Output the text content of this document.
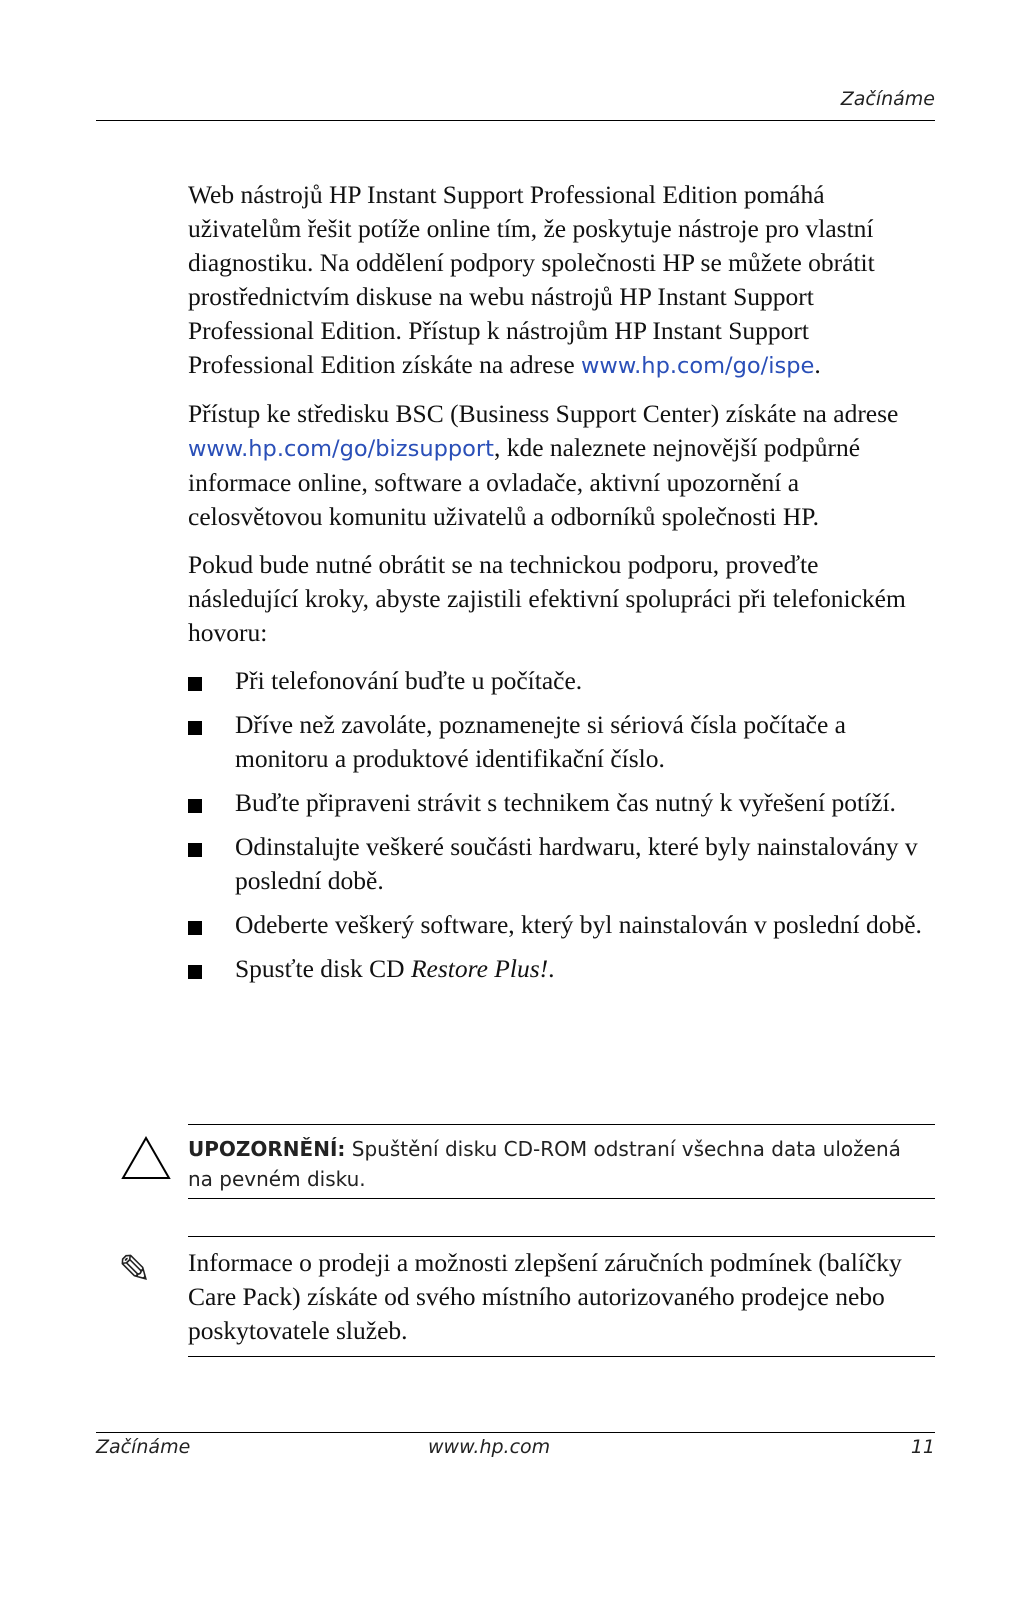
Začínáme

Web nástrojů HP Instant Support Professional Edition pomáhá uživatelům řešit potíže online tím, že poskytuje nástroje pro vlastní diagnostiku. Na oddělení podpory společnosti HP se můžete obrátit prostřednictvím diskuse na webu nástrojů HP Instant Support Professional Edition. Přístup k nástrojům HP Instant Support Professional Edition získáte na adrese www.hp.com/go/ispe.

Přístup ke středisku BSC (Business Support Center) získáte na adrese www.hp.com/go/bizsupport, kde naleznete nejnovější podpůrné informace online, software a ovladače, aktivní upozornění a celosvětovou komunitu uživatelů a odborníků společnosti HP.

Pokud bude nutné obrátit se na technickou podporu, proveďte následující kroky, abyste zajistili efektivní spolupráci při telefonickém hovoru:

Při telefonování buďte u počítače.
Dříve než zavoláte, poznamenejte si sériová čísla počítače a monitoru a produktové identifikační číslo.
Buďte připraveni strávit s technikem čas nutný k vyřešení potíží.
Odinstalujte veškeré součásti hardwaru, které byly nainstalovány v poslední době.
Odeberte veškerý software, který byl nainstalován v poslední době.
Spusťte disk CD Restore Plus!.
UPOZORNĚNÍ: Spuštění disku CD-ROM odstraní všechna data uložená na pevném disku.
✎ Informace o prodeji a možnosti zlepšení záručních podmínek (balíčky Care Pack) získáte od svého místního autorizovaného prodejce nebo poskytovatele služeb.
Začínáme	www.hp.com	11
